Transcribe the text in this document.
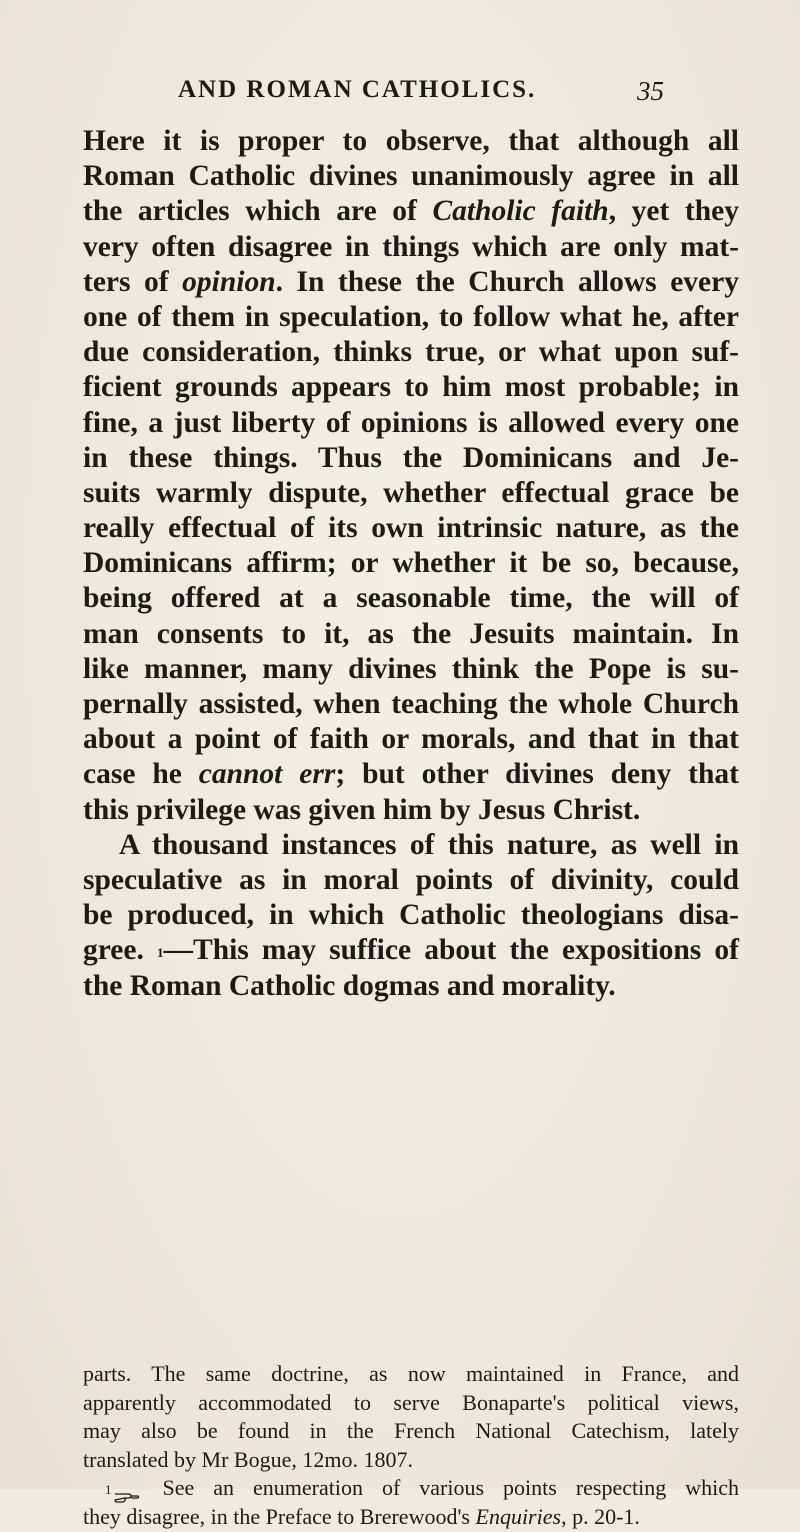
AND ROMAN CATHOLICS.	35
Here it is proper to observe, that although all
Roman Catholic divines unanimously agree in all
the articles which are of Catholic faith, yet they
very often disagree in things which are only mat-
ters of opinion. In these the Church allows every
one of them in speculation, to follow what he, after
due consideration, thinks true, or what upon suf-
ficient grounds appears to him most probable; in
fine, a just liberty of opinions is allowed every one
in these things. Thus the Dominicans and Je-
suits warmly dispute, whether effectual grace be
really effectual of its own intrinsic nature, as the
Dominicans affirm; or whether it be so, because,
being offered at a seasonable time, the will of
man consents to it, as the Jesuits maintain. In
like manner, many divines think the Pope is su-
pernally assisted, when teaching the whole Church
about a point of faith or morals, and that in that
case he cannot err; but other divines deny that
this privilege was given him by Jesus Christ.
A thousand instances of this nature, as well in
speculative as in moral points of divinity, could
be produced, in which Catholic theologians disa-
gree. $^1$—This may suffice about the expositions of
the Roman Catholic dogmas and morality.
parts. The same doctrine, as now maintained in France, and
apparently accommodated to serve Bonaparte's political views,
may also be found in the French National Catechism, lately
translated by Mr Bogue, 12mo. 1807.
$^1$ See an enumeration of various points respecting which
they disagree, in the Preface to Brerewood's Enquiries, p. 20-1.
